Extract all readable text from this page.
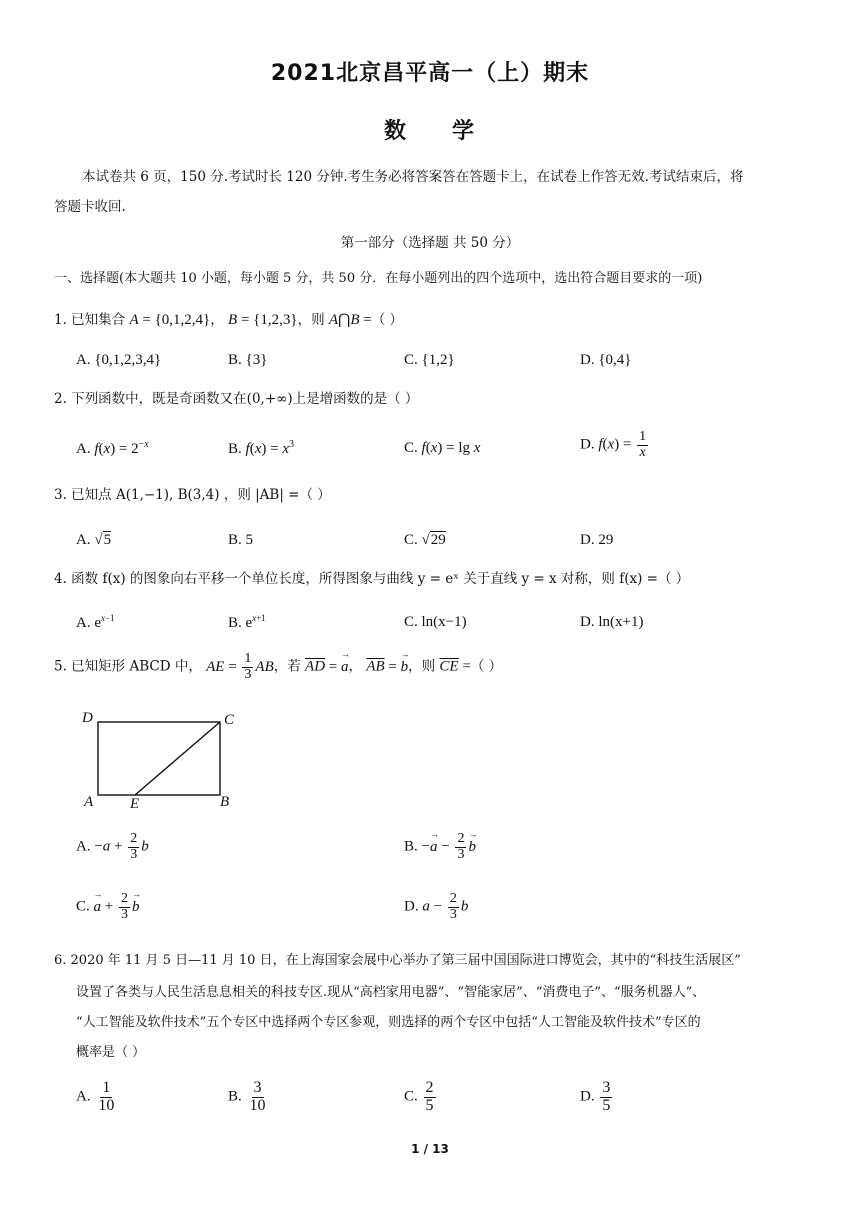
2021北京昌平高一（上）期末
数 学
本试卷共 6 页，150 分.考试时长 120 分钟.考生务必将答案答在答题卡上，在试卷上作答无效.考试结束后，将
答题卡收回.
第一部分（选择题 共 50 分）
一、选择题(本大题共 10 小题，每小题 5 分，共 50 分．在每小题列出的四个选项中，选出符合题目要求的一项)
1. 已知集合 A = {0,1,2,4}， B = {1,2,3}，则 A⋂B =（ ）
A. {0,1,2,3,4}	B. {3}	C. {1,2}	D. {0,4}
2. 下列函数中，既是奇函数又在(0,+∞)上是增函数的是（ ）
A. $f(x) = 2^{-x}$	B. $f(x) = x^3$	C. f(x) = lg x	D. $f(x) = \frac{1}{x}$
3. 已知点 A(1,−1), B(3,4) ，则 |AB| =（ ）
A. √5	B. 5	C. √29	D. 29
4. 函数 f(x) 的图象向右平移一个单位长度，所得图象与曲线 y = eˣ 关于直线 y = x 对称，则 f(x) =（ ）
A. $e^{x-1}$	B. $e^{x+1}$	C. ln(x−1)	D. ln(x+1)
5. 已知矩形 ABCD 中， AE = $\frac{1}{3}$ AB，若 $\overline{AD}$ = → a， $\overline{AB}$ = → b，则 $\overline{CE}$ =（ ）
D	C
A E	B
A. $-a + \frac{2}{3}$ b	B. −→ $a - \frac{2}{3} \to b$
C. → $a + \frac{2}{3} \to b$	D. $a - \frac{2}{3}$ b
6. 2020 年 11 月 5 日—11 月 10 日，在上海国家会展中心举办了第三届中国国际进口博览会，其中的“科技生活展区”
设置了各类与人民生活息息相关的科技专区.现从“高档家用电器”、“智能家居”、“消费电子”、“服务机器人”、
“人工智能及软件技术”五个专区中选择两个专区参观，则选择的两个专区中包括“人工智能及软件技术”专区的
概率是（ ）
A. $\frac{1}{10}$	B. $\frac{3}{10}$	C. $\frac{2}{5}$	D. $\frac{3}{5}$
1 / 13
